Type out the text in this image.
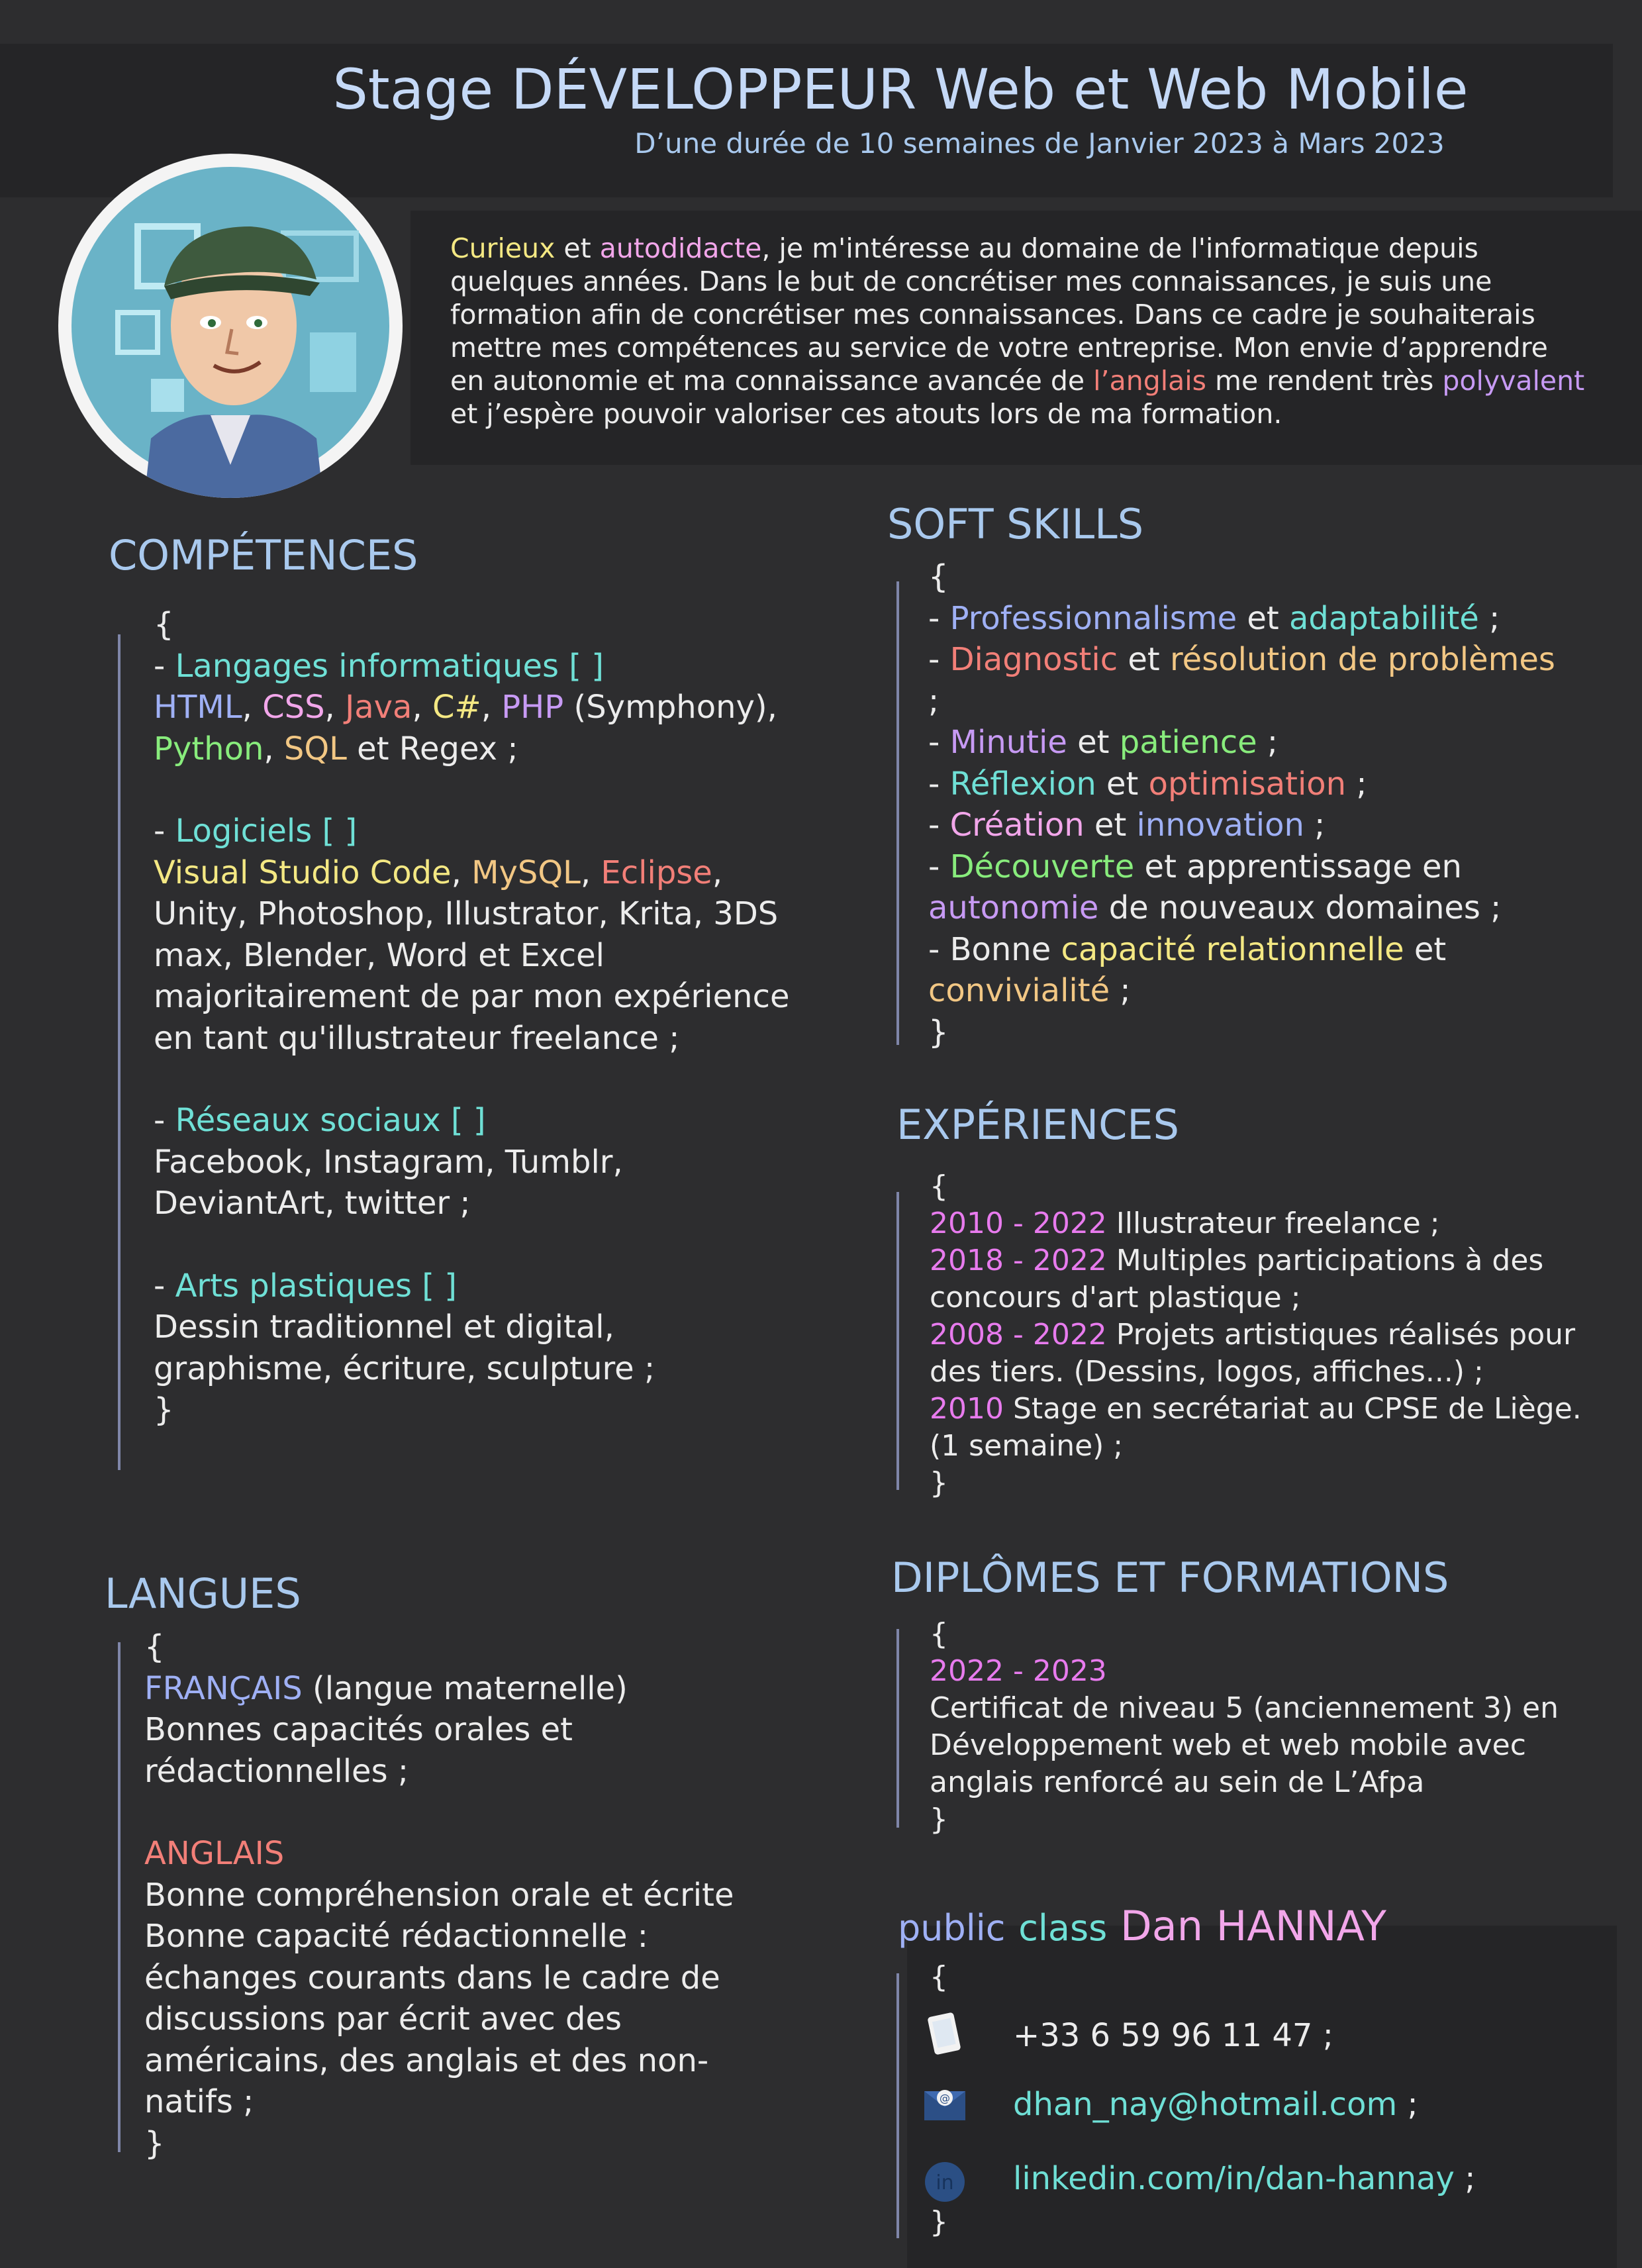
Stage DÉVELOPPEUR Web et Web Mobile
D’une durée de 10 semaines de Janvier 2023 à Mars 2023
Curieux et autodidacte, je m'intéresse au domaine de l'informatique depuis quelques années. Dans le but de concrétiser mes connaissances, je suis une formation afin de concrétiser mes connaissances. Dans ce cadre je souhaiterais mettre mes compétences au service de votre entreprise. Mon envie d’apprendre en autonomie et ma connaissance avancée de l’anglais me rendent très polyvalent et j’espère pouvoir valoriser ces atouts lors de ma formation.
COMPÉTENCES
{
- Langages informatiques [ ]
HTML, CSS, Java, C#, PHP (Symphony),
Python, SQL et Regex ;
- Logiciels [ ]
Visual Studio Code, MySQL, Eclipse, Unity, Photoshop, Illustrator, Krita, 3DS max, Blender, Word et Excel majoritairement de par mon expérience en tant qu'illustrateur freelance ;
- Réseaux sociaux [ ]
Facebook, Instagram, Tumblr, DeviantArt, twitter ;
- Arts plastiques [ ]
Dessin traditionnel et digital, graphisme, écriture, sculpture ;
}
LANGUES
{
FRANÇAIS (langue maternelle)
Bonnes capacités orales et rédactionnelles ;
ANGLAIS
Bonne compréhension orale et écrite Bonne capacité rédactionnelle : échanges courants dans le cadre de discussions par écrit avec des américains, des anglais et des non-natifs ;
}
SOFT SKILLS
{
- Professionnalisme et adaptabilité ;
- Diagnostic et résolution de problèmes
;
- Minutie et patience ;
- Réflexion et optimisation ;
- Création et innovation ;
- Découverte et apprentissage en autonomie de nouveaux domaines ;
- Bonne capacité relationnelle et convivialité ;
}
EXPÉRIENCES
{
2010 - 2022 Illustrateur freelance ;
2018 - 2022 Multiples participations à des concours d'art plastique ;
2008 - 2022 Projets artistiques réalisés pour des tiers. (Dessins, logos, affiches...) ;
2010 Stage en secrétariat au CPSE de Liège. (1 semaine) ;
}
DIPLÔMES ET FORMATIONS
{
2022 - 2023
Certificat de niveau 5 (anciennement 3) en Développement web et web mobile avec anglais renforcé au sein de L’Afpa
}
public class Dan HANNAY
{
+33 6 59 96 11 47 ;
@ dhan_nay@hotmail.com ;
in linkedin.com/in/dan-hannay ;
}
